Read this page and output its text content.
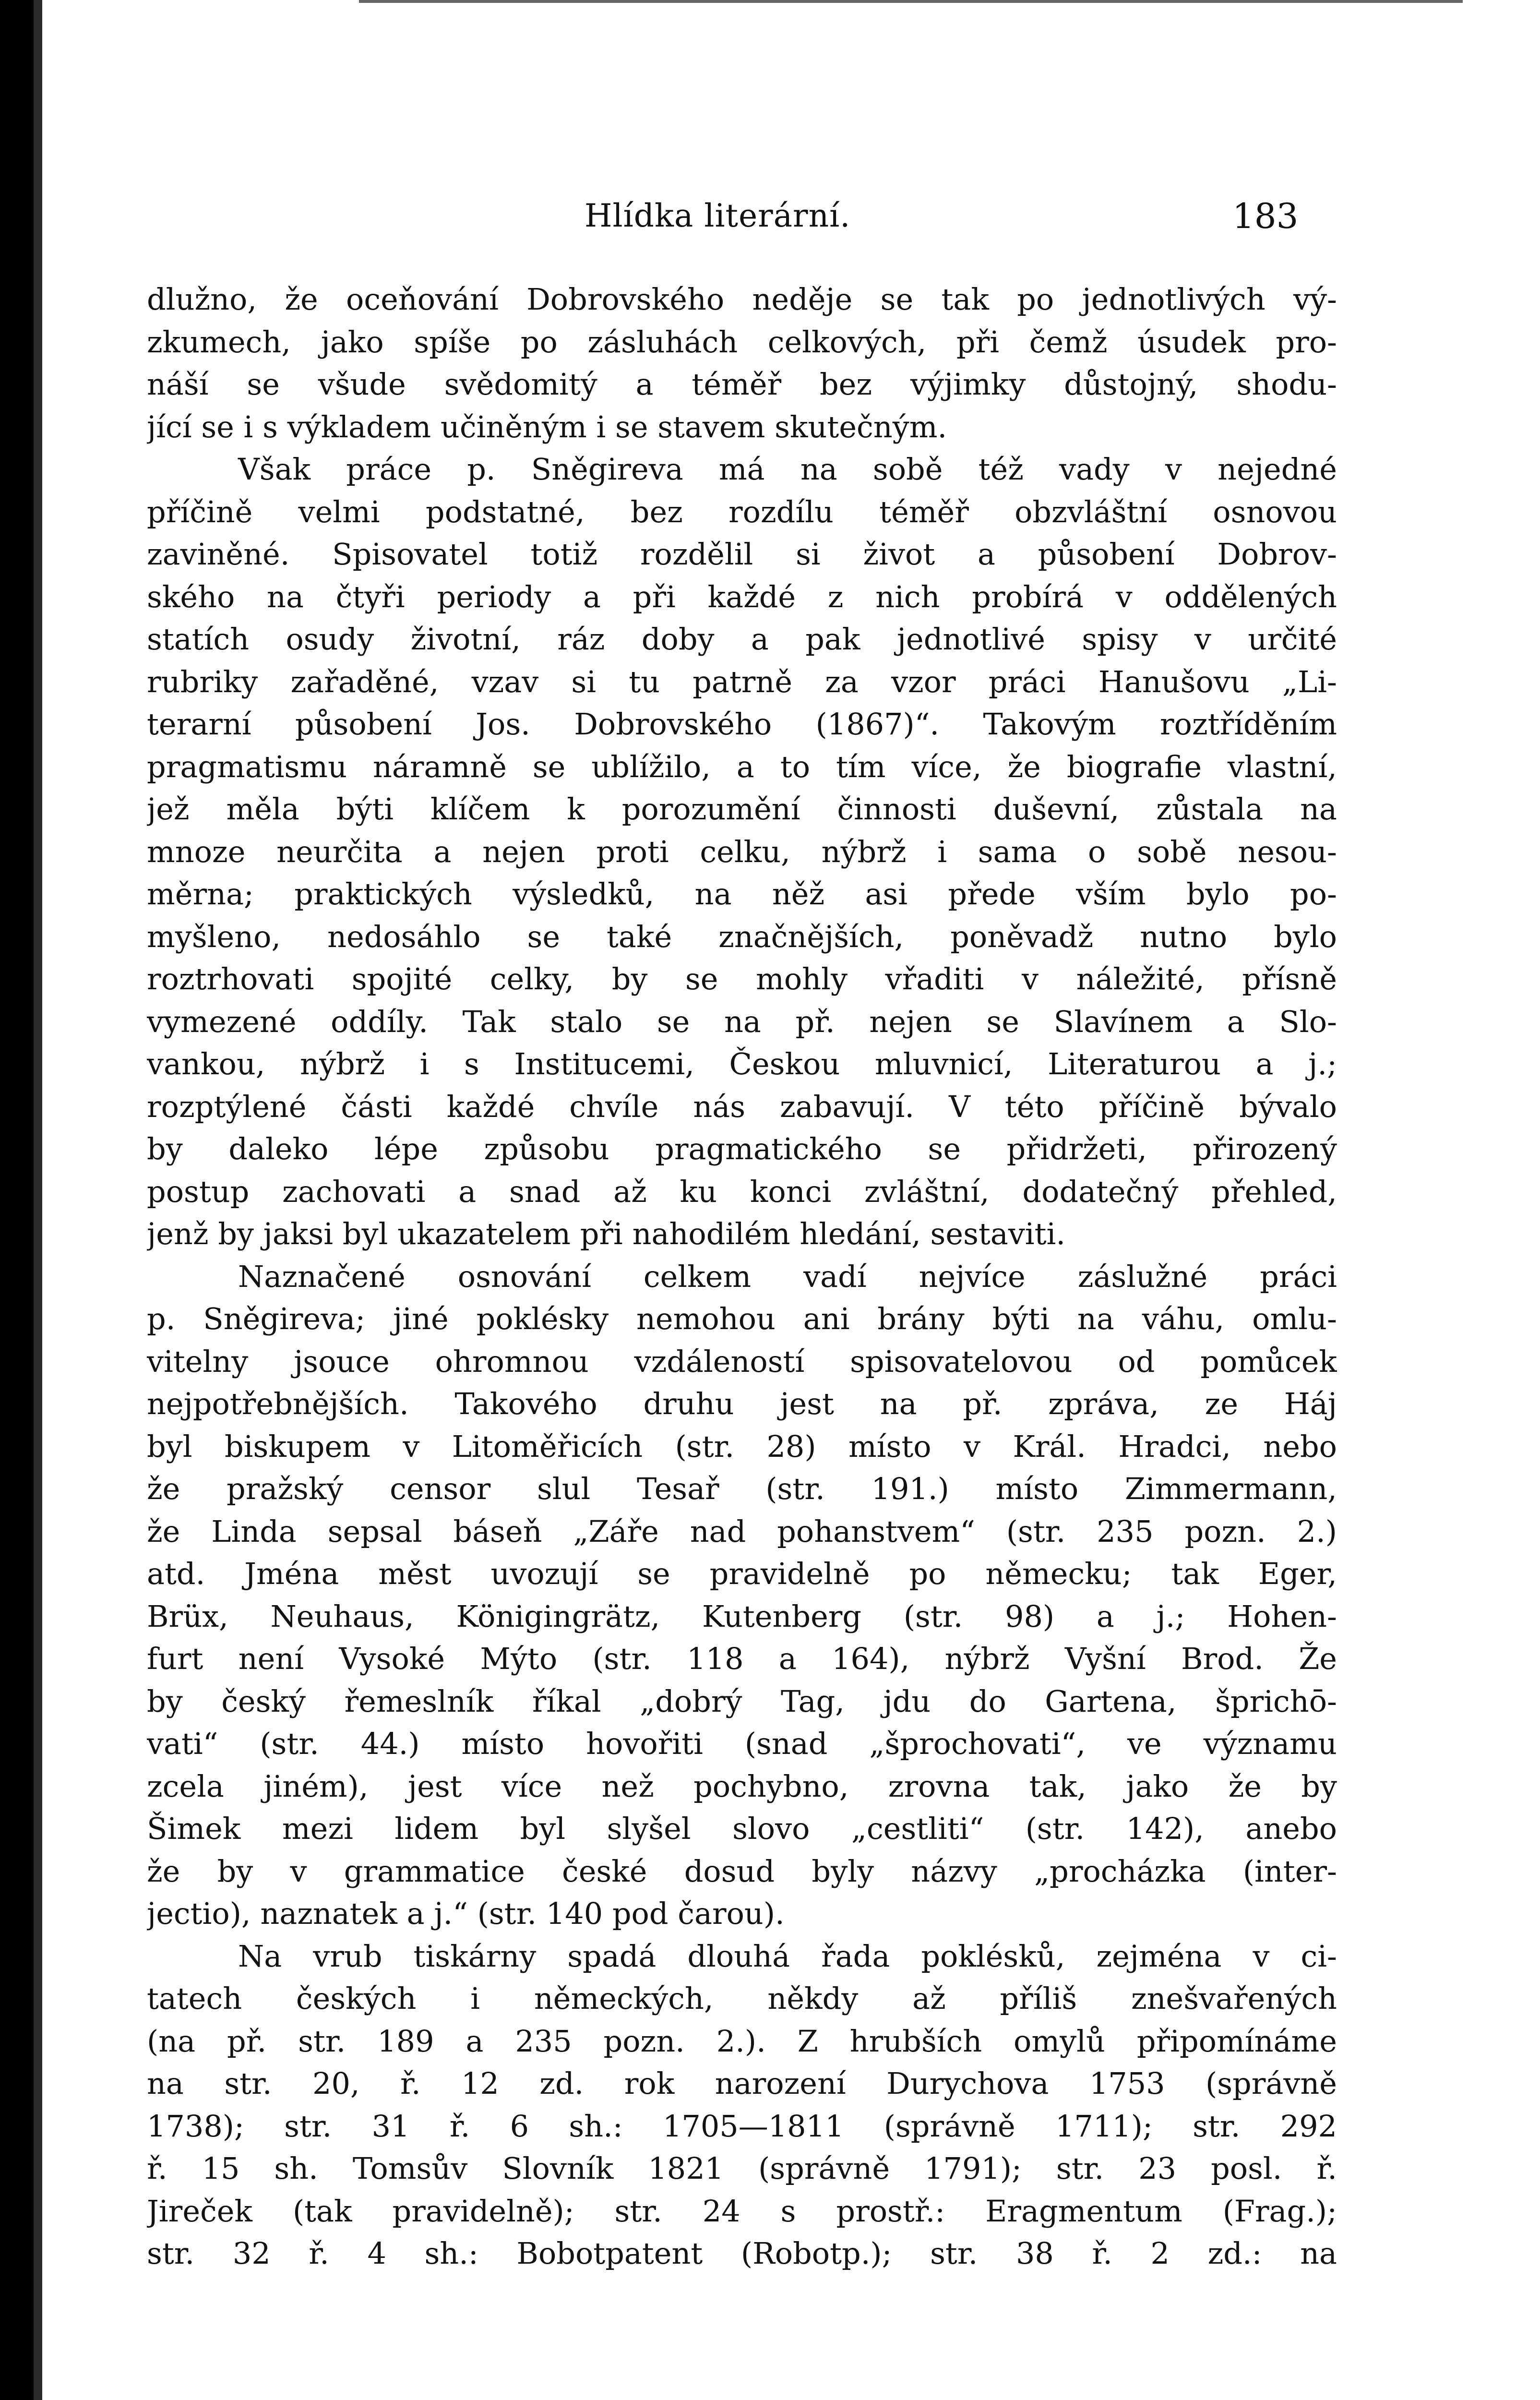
Hlídka literární.	183
dlužno, že oceňování Dobrovského neděje se tak po jednotlivých vý-
zkumech, jako spíše po zásluhách celkových, při čemž úsudek pro-
náší se všude svědomitý a téměř bez výjimky důstojný, shodu-
jící se i s výkladem učiněným i se stavem skutečným.
Však práce p. Sněgireva má na sobě též vady v nejedné
příčině velmi podstatné, bez rozdílu téměř obzvláštní osnovou
zaviněné. Spisovatel totiž rozdělil si život a působení Dobrov-
ského na čtyři periody a při každé z nich probírá v oddělených
statích osudy životní, ráz doby a pak jednotlivé spisy v určité
rubriky zařaděné, vzav si tu patrně za vzor práci Hanušovu „Li-
terarní působení Jos. Dobrovského (1867)“. Takovým roztříděním
pragmatismu náramně se ublížilo, a to tím více, že biografie vlastní,
jež měla býti klíčem k porozumění činnosti duševní, zůstala na
mnoze neurčita a nejen proti celku, nýbrž i sama o sobě nesou-
měrna; praktických výsledků, na něž asi přede vším bylo po-
myšleno, nedosáhlo se také značnějších, poněvadž nutno bylo
roztrhovati spojité celky, by se mohly vřaditi v náležité, přísně
vymezené oddíly. Tak stalo se na př. nejen se Slavínem a Slo-
vankou, nýbrž i s Institucemi, Českou mluvnicí, Literaturou a j.;
rozptýlené části každé chvíle nás zabavují. V této příčině bývalo
by daleko lépe způsobu pragmatického se přidržeti, přirozený
postup zachovati a snad až ku konci zvláštní, dodatečný přehled,
jenž by jaksi byl ukazatelem při nahodilém hledání, sestaviti.
Naznačené osnování celkem vadí nejvíce záslužné práci
p. Sněgireva; jiné poklésky nemohou ani brány býti na váhu, omlu-
vitelny jsouce ohromnou vzdáleností spisovatelovou od pomůcek
nejpotřebnějších. Takového druhu jest na př. zpráva, ze Háj
byl biskupem v Litoměřicích (str. 28) místo v Král. Hradci, nebo
že pražský censor slul Tesař (str. 191.) místo Zimmermann,
že Linda sepsal báseň „Záře nad pohanstvem“ (str. 235 pozn. 2.)
atd. Jména měst uvozují se pravidelně po německu; tak Eger,
Brüx, Neuhaus, Königingrätz, Kutenberg (str. 98) a j.; Hohen-
furt není Vysoké Mýto (str. 118 a 164), nýbrž Vyšní Brod. Že
by český řemeslník říkal „dobrý Tag, jdu do Gartena, šprichō-
vati“ (str. 44.) místo hovořiti (snad „šprochovati“, ve významu
zcela jiném), jest více než pochybno, zrovna tak, jako že by
Šimek mezi lidem byl slyšel slovo „cestliti“ (str. 142), anebo
že by v grammatice české dosud byly názvy „procházka (inter-
jectio), naznatek a j.“ (str. 140 pod čarou).
Na vrub tiskárny spadá dlouhá řada poklésků, zejména v ci-
tatech českých i německých, někdy až příliš znešvařených
(na př. str. 189 a 235 pozn. 2.). Z hrubších omylů připomínáme
na str. 20, ř. 12 zd. rok narození Durychova 1753 (správně
1738); str. 31 ř. 6 sh.: 1705—1811 (správně 1711); str. 292
ř. 15 sh. Tomsův Slovník 1821 (správně 1791); str. 23 posl. ř.
Jireček (tak pravidelně); str. 24 s prostř.: Eragmentum (Frag.);
str. 32 ř. 4 sh.: Bobotpatent (Robotp.); str. 38 ř. 2 zd.: na
